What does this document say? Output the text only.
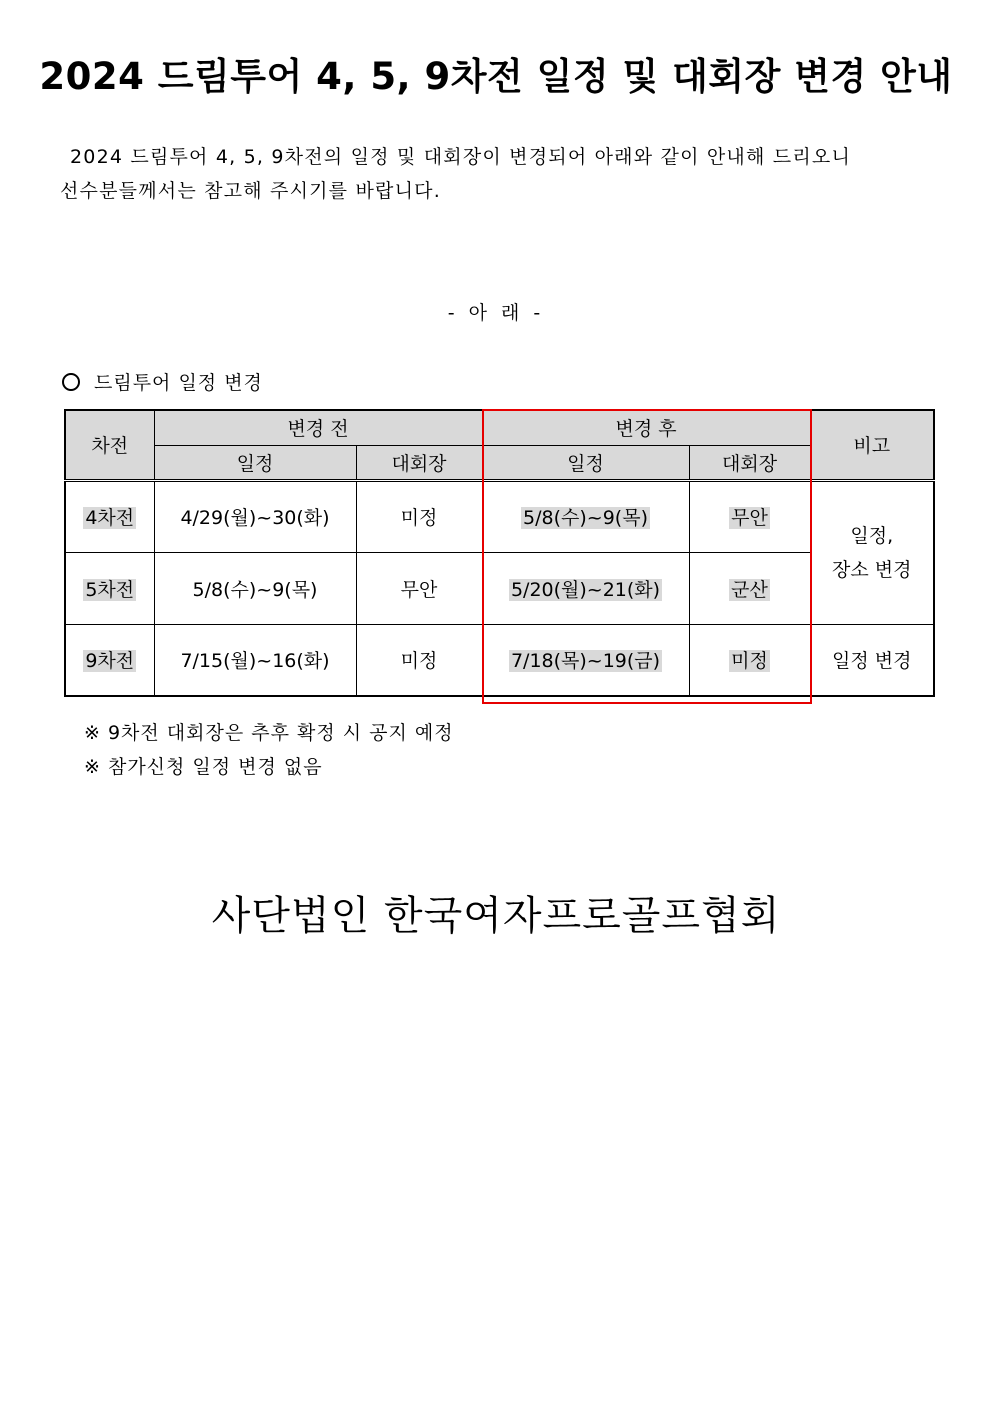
2024 드림투어 4, 5, 9차전 일정 및 대회장 변경 안내
2024 드림투어 4, 5, 9차전의 일정 및 대회장이 변경되어 아래와 같이 안내해 드리오니
선수분들께서는 참고해 주시기를 바랍니다.
- 아 래 -
드림투어 일정 변경
차전	변경 전		변경 후		비고
	일정	대회장	일정	대회장	
4차전	4/29(월)~30(화)	미정	5/8(수)~9(목)	무안	일정,
장소 변경
5차전	5/8(수)~9(목)	무안	5/20(월)~21(화)	군산	
9차전	7/15(월)~16(화)	미정	7/18(목)~19(금)	미정	일정 변경
※ 9차전 대회장은 추후 확정 시 공지 예정
※ 참가신청 일정 변경 없음
사단법인 한국여자프로골프협회
